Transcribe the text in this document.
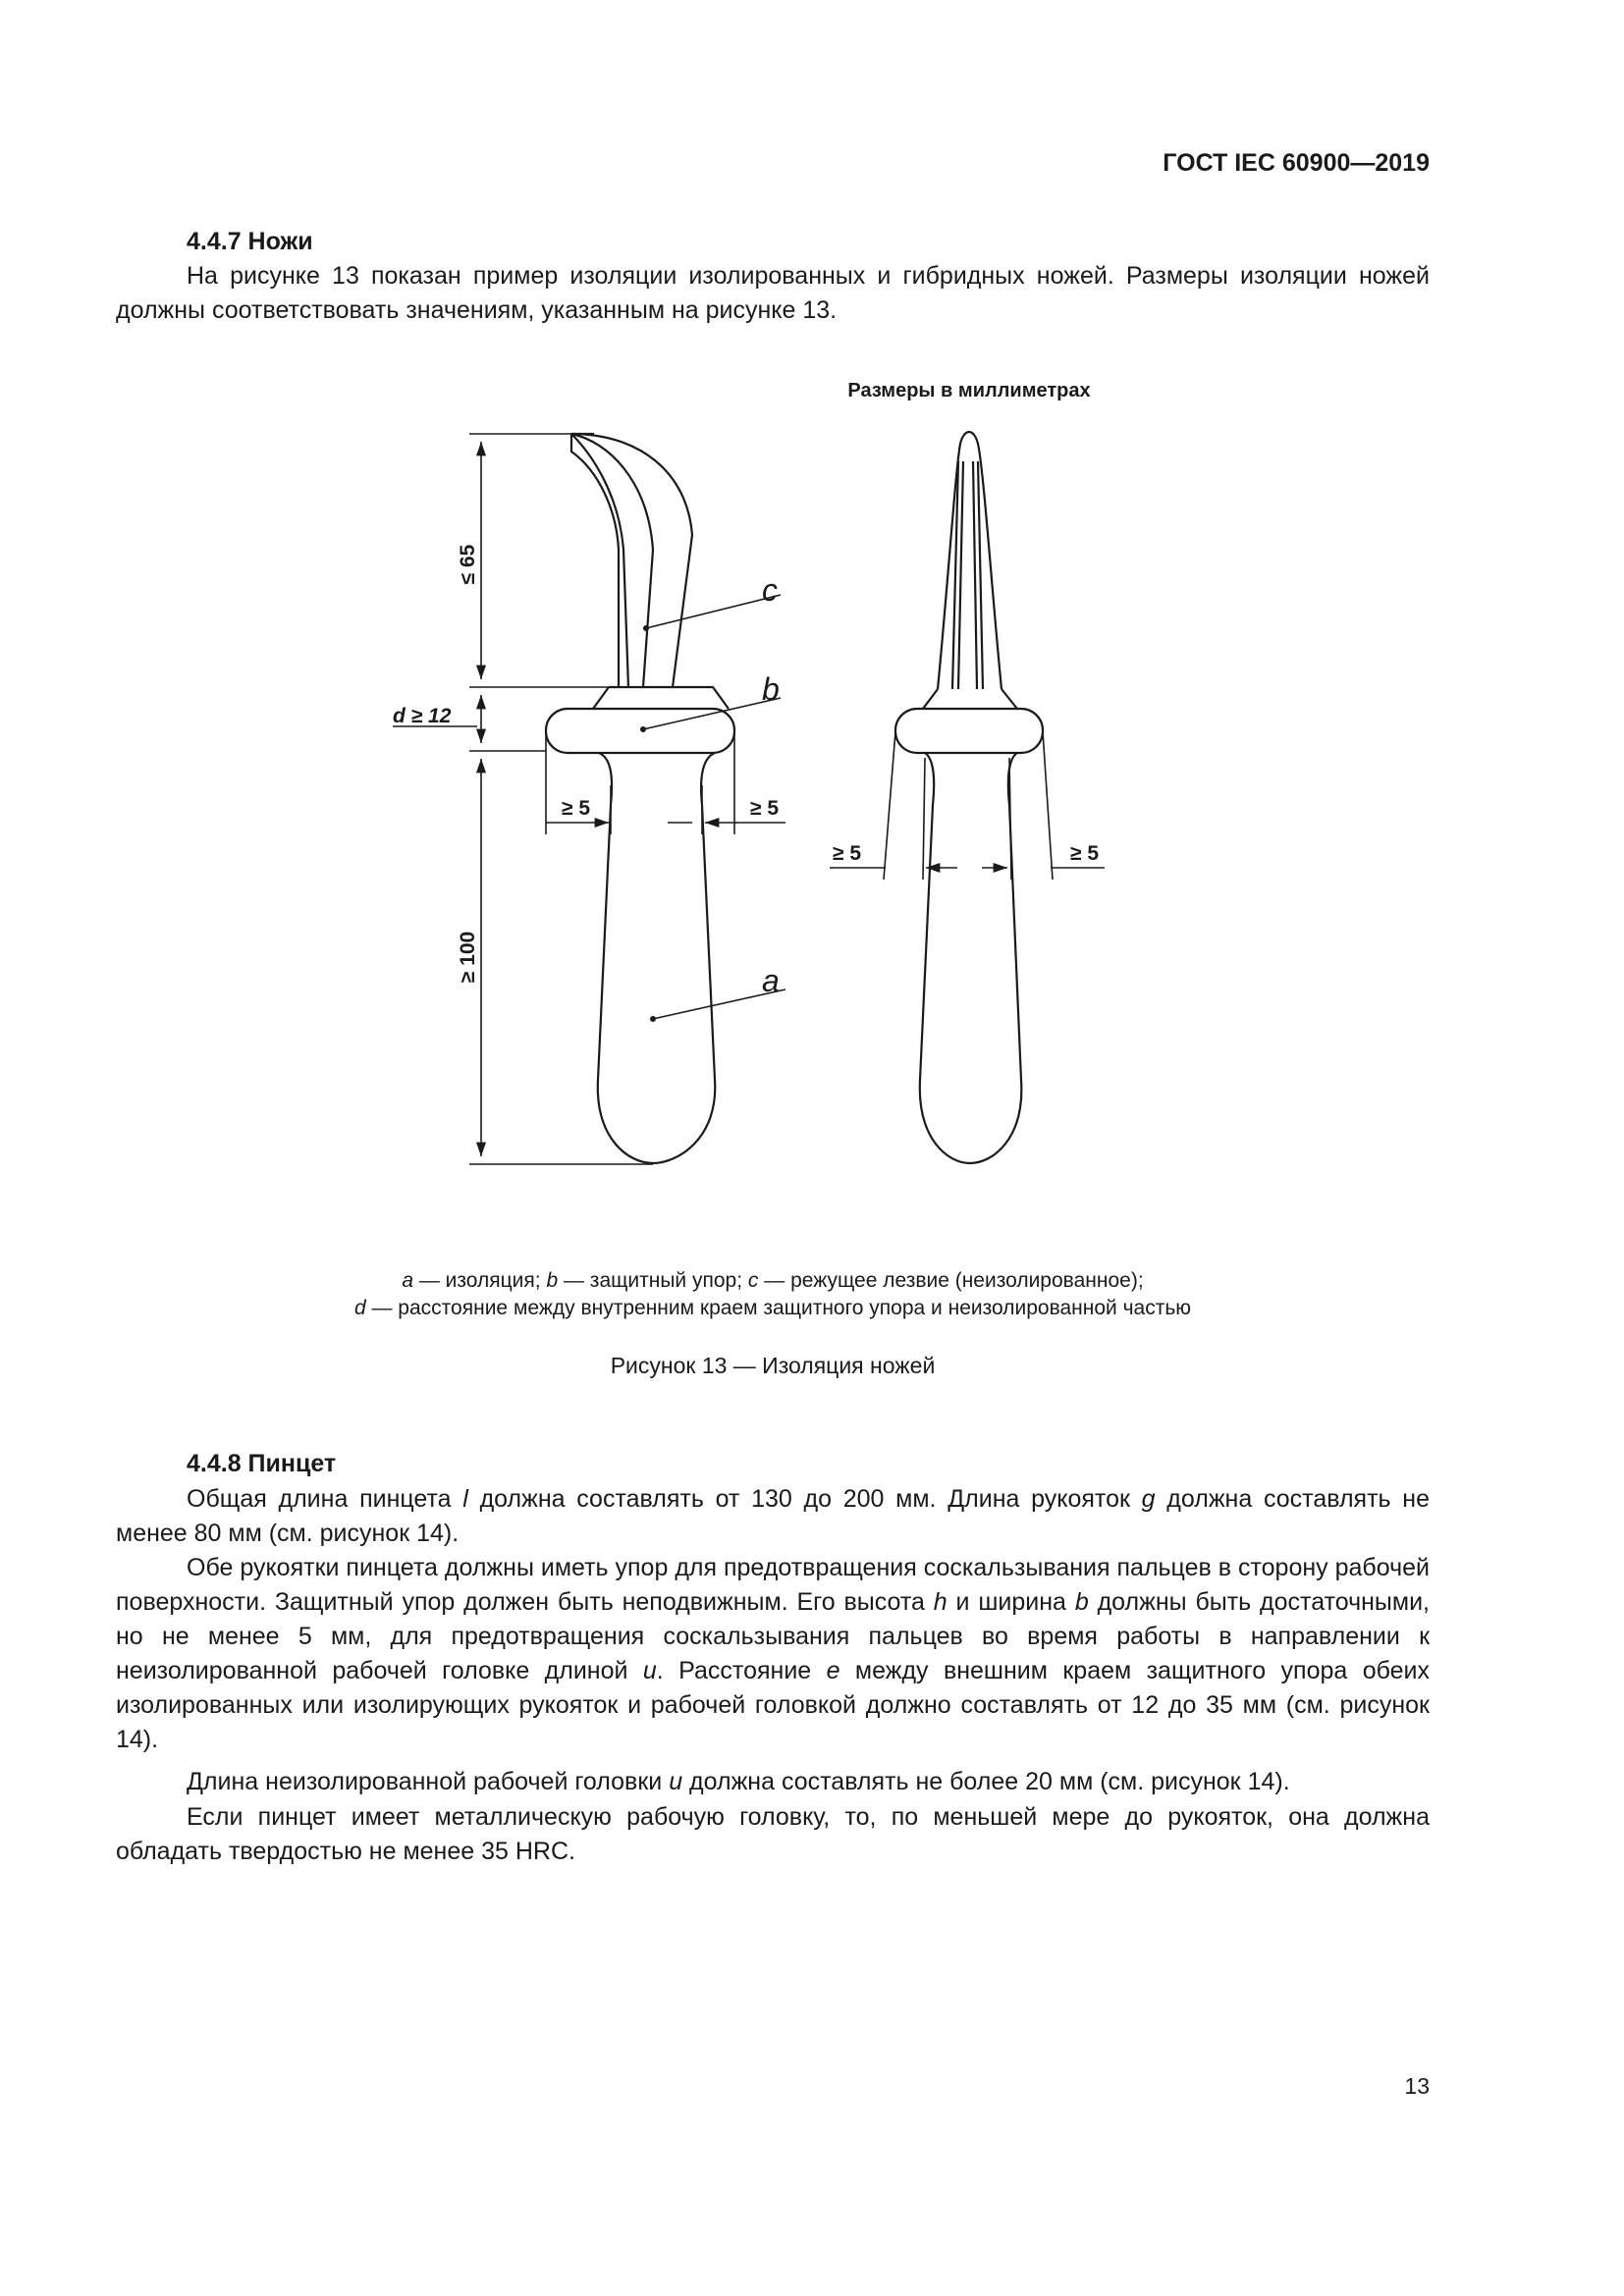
ГОСТ IEC 60900—2019
4.4.7 Ножи
На рисунке 13 показан пример изоляции изолированных и гибридных ножей. Размеры изоляции ножей должны соответствовать значениям, указанным на рисунке 13.
Размеры в миллиметрах
≤ 65
≥ 100
d ≥ 12
≥ 5	≥ 5
c
b
a
≥ 5	≥ 5
a — изоляция; b — защитный упор; c — режущее лезвие (неизолированное);
d — расстояние между внутренним краем защитного упора и неизолированной частью
Рисунок 13 — Изоляция ножей
4.4.8 Пинцет
Общая длина пинцета l должна составлять от 130 до 200 мм. Длина рукояток g должна составлять не менее 80 мм (см. рисунок 14).
Обе рукоятки пинцета должны иметь упор для предотвращения соскальзывания пальцев в сторону рабочей поверхности. Защитный упор должен быть неподвижным. Его высота h и ширина b должны быть достаточными, но не менее 5 мм, для предотвращения соскальзывания пальцев во время работы в направлении к неизолированной рабочей головке длиной u. Расстояние e между внешним краем защитного упора обеих изолированных или изолирующих рукояток и рабочей головкой должно составлять от 12 до 35 мм (см. рисунок 14).
Длина неизолированной рабочей головки u должна составлять не более 20 мм (см. рисунок 14).
Если пинцет имеет металлическую рабочую головку, то, по меньшей мере до рукояток, она должна обладать твердостью не менее 35 HRC.
13
